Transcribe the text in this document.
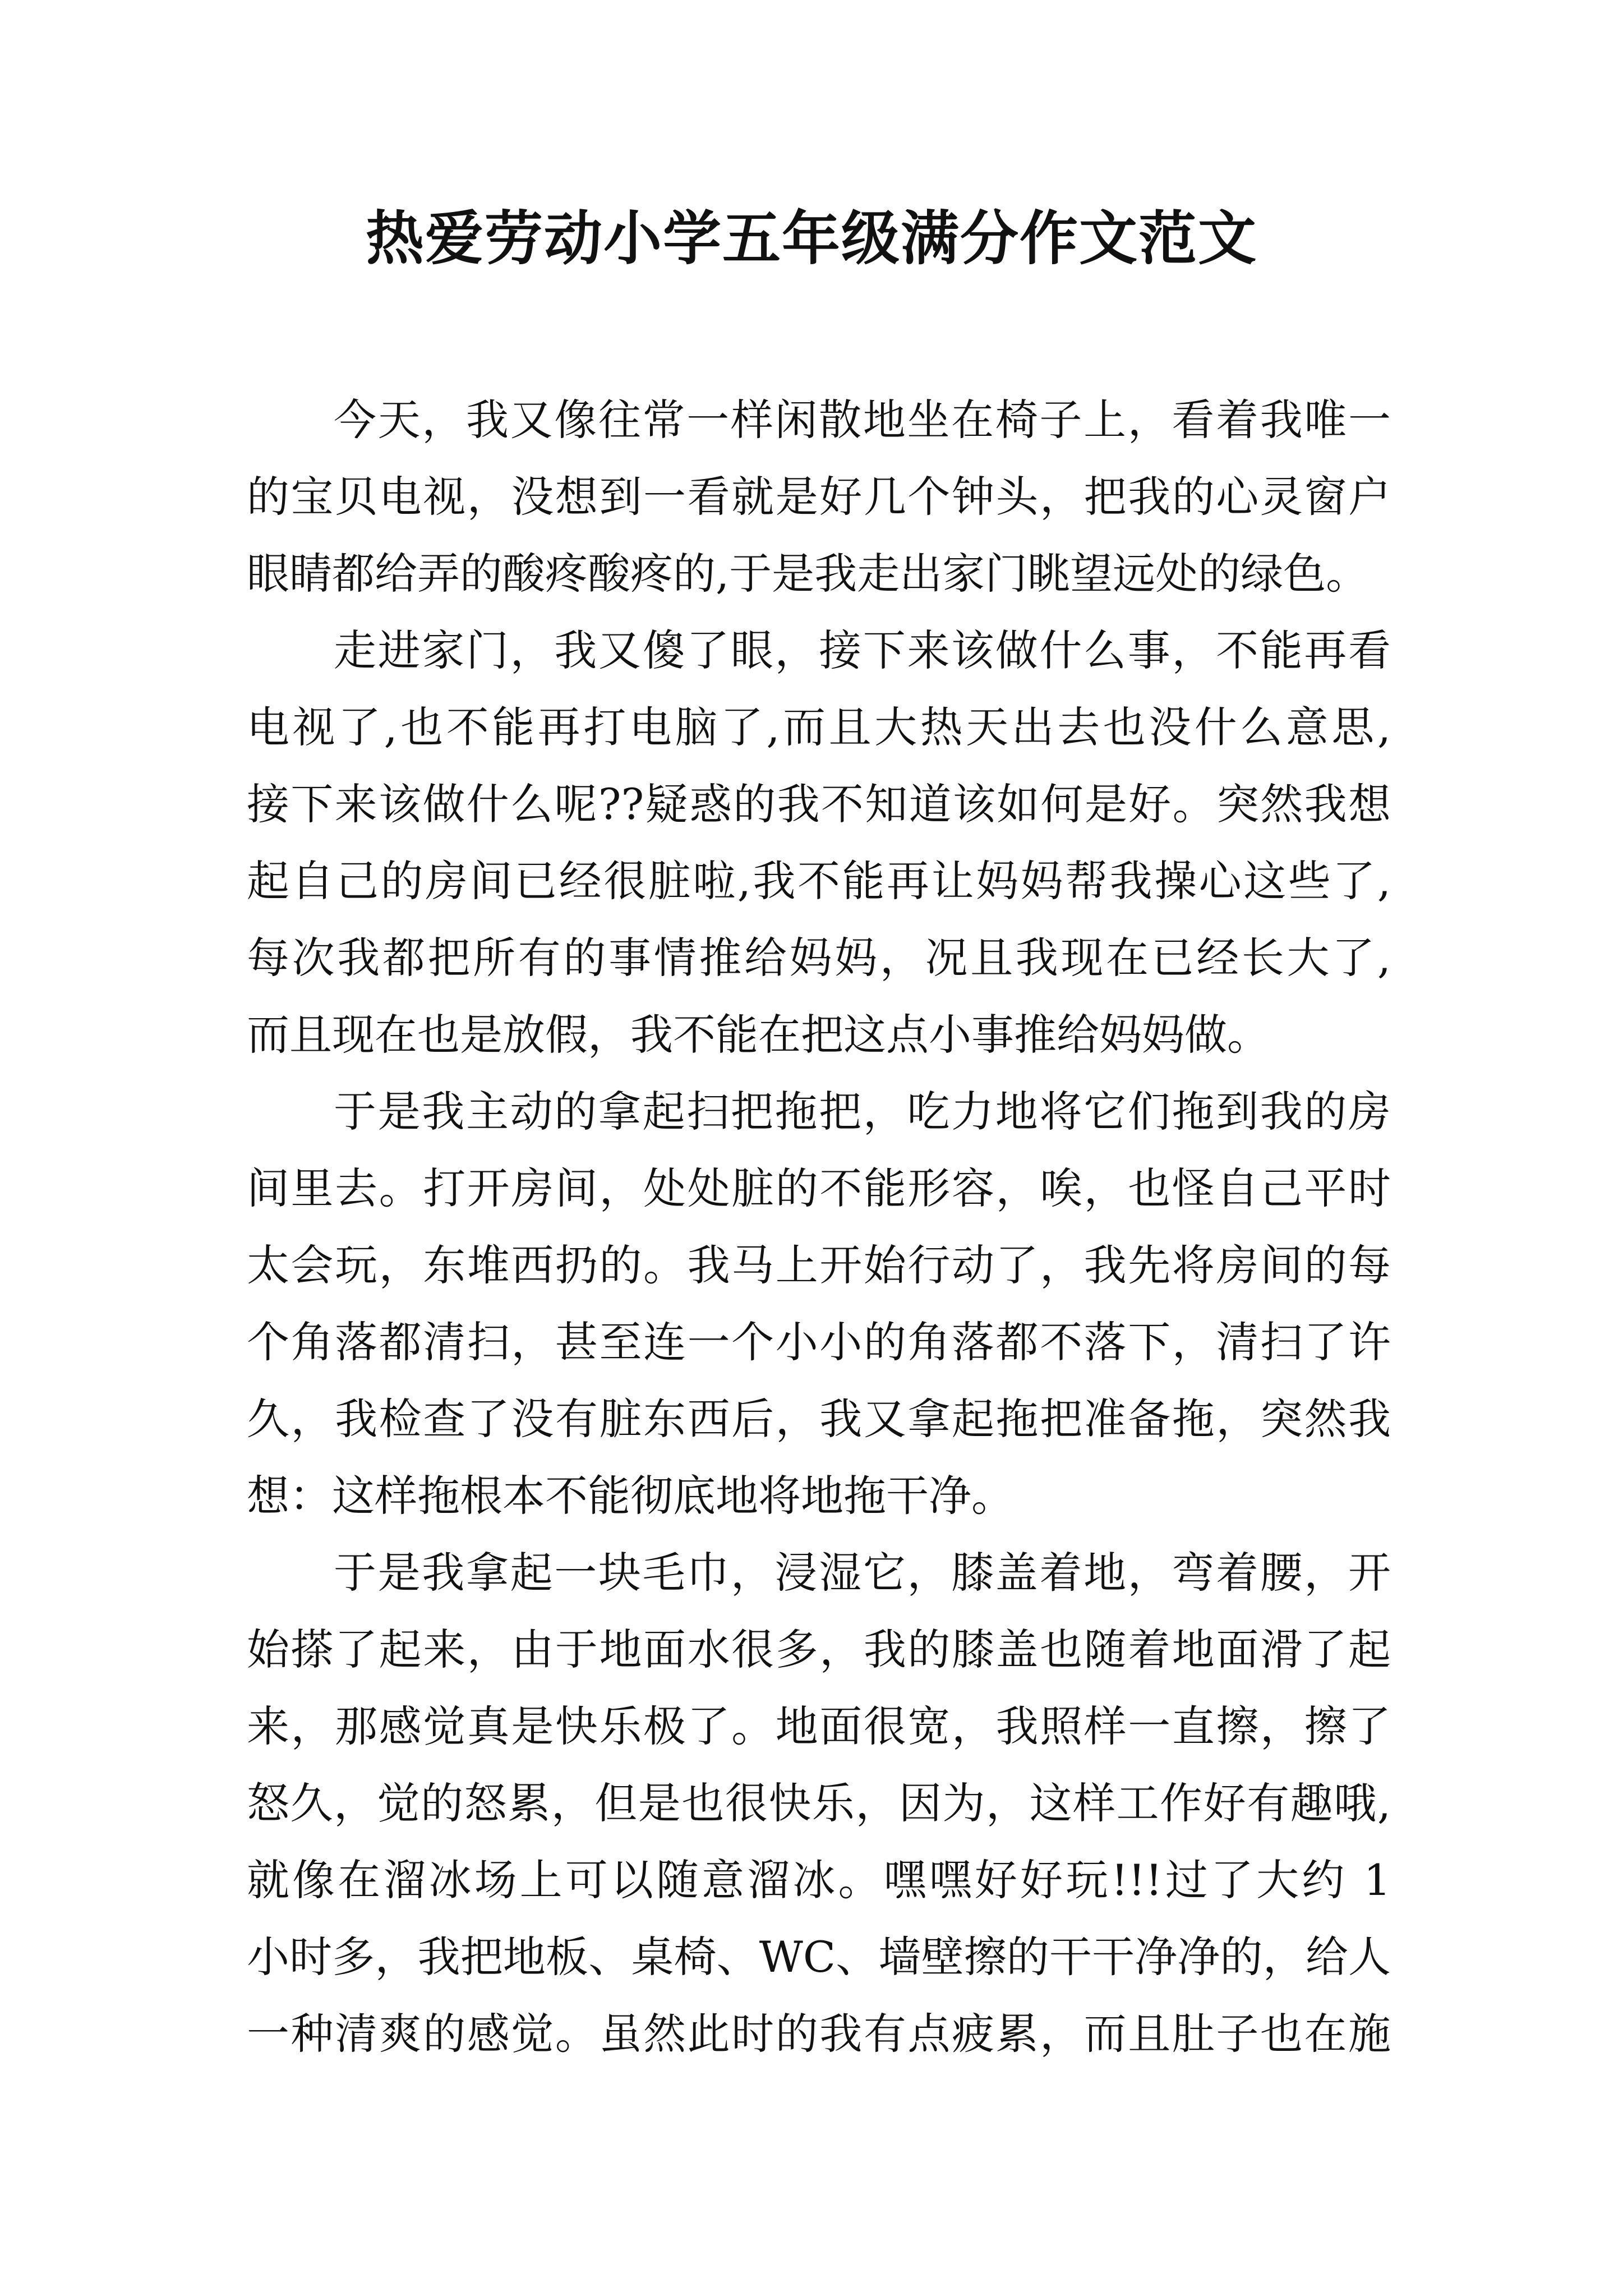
热爱劳动小学五年级满分作文范文
今天，我又像往常一样闲散地坐在椅子上，看着我唯一
的宝贝电视，没想到一看就是好几个钟头，把我的心灵窗户
眼睛都给弄的酸疼酸疼的,于是我走出家门眺望远处的绿色。
走进家门，我又傻了眼，接下来该做什么事，不能再看
电视了,也不能再打电脑了,而且大热天出去也没什么意思,
接下来该做什么呢??疑惑的我不知道该如何是好。突然我想
起自己的房间已经很脏啦,我不能再让妈妈帮我操心这些了,
每次我都把所有的事情推给妈妈，况且我现在已经长大了,
而且现在也是放假，我不能在把这点小事推给妈妈做。
于是我主动的拿起扫把拖把，吃力地将它们拖到我的房
间里去。打开房间，处处脏的不能形容，唉，也怪自己平时
太会玩，东堆西扔的。我马上开始行动了，我先将房间的每
个角落都清扫，甚至连一个小小的角落都不落下，清扫了许
久，我检查了没有脏东西后，我又拿起拖把准备拖，突然我
想：这样拖根本不能彻底地将地拖干净。
于是我拿起一块毛巾，浸湿它，膝盖着地，弯着腰，开
始搽了起来，由于地面水很多，我的膝盖也随着地面滑了起
来，那感觉真是快乐极了。地面很宽，我照样一直擦，擦了
怒久，觉的怒累，但是也很快乐，因为，这样工作好有趣哦,
就像在溜冰场上可以随意溜冰。嘿嘿好好玩!!!过了大约 1
小时多，我把地板、桌椅、WC、墙壁擦的干干净净的，给人
一种清爽的感觉。虽然此时的我有点疲累，而且肚子也在施
